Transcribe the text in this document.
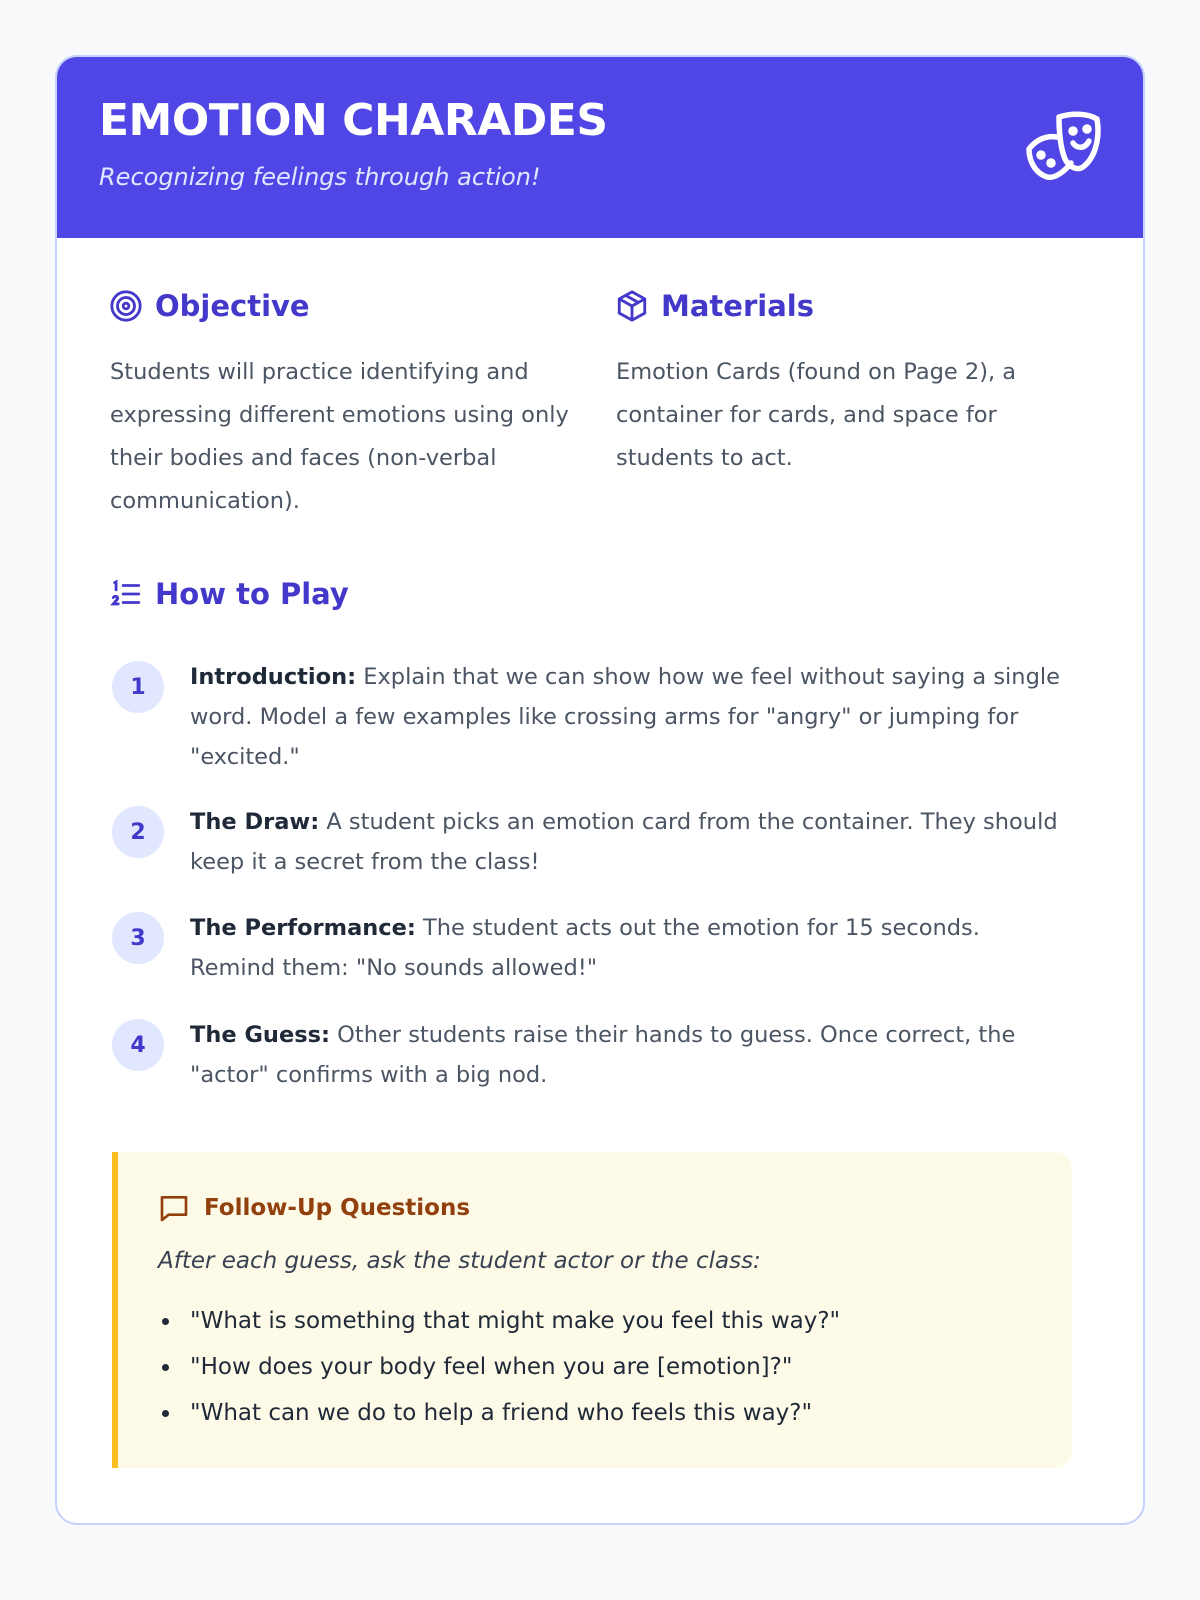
EMOTION CHARADES
Recognizing feelings through action!
Objective
Students will practice identifying and expressing different emotions using only their bodies and faces (non-verbal communication).
Materials
Emotion Cards (found on Page 2), a container for cards, and space for students to act.
How to Play
1	Introduction: Explain that we can show how we feel without saying a single word. Model a few examples like crossing arms for "angry" or jumping for "excited."
2	The Draw: A student picks an emotion card from the container. They should keep it a secret from the class!
3	The Performance: The student acts out the emotion for 15 seconds. Remind them: "No sounds allowed!"
4	The Guess: Other students raise their hands to guess. Once correct, the "actor" confirms with a big nod.
Follow-Up Questions
After each guess, ask the student actor or the class:
"What is something that might make you feel this way?"
"How does your body feel when you are [emotion]?"
"What can we do to help a friend who feels this way?"
